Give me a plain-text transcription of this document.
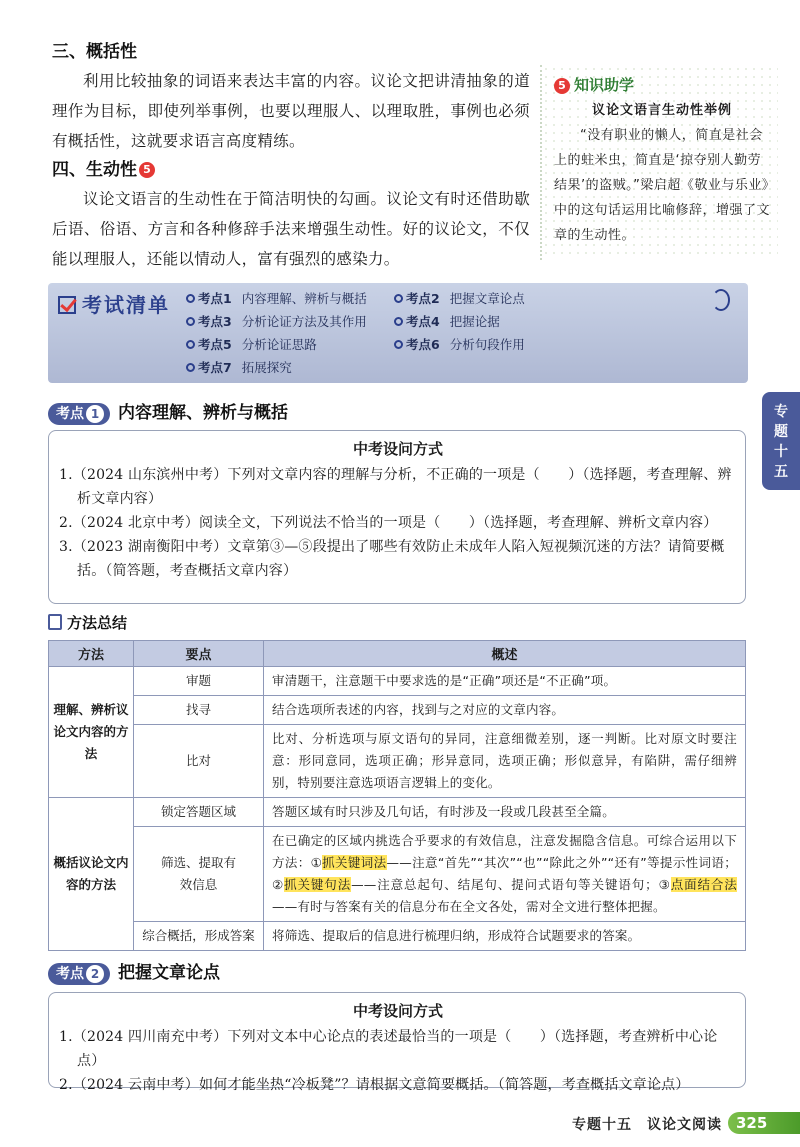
三、概括性

利用比较抽象的词语来表达丰富的内容。议论文把讲清抽象的道理作为目标，即使列举事例，也要以理服人、以理取胜，事例也必须有概括性，这就要求语言高度精练。

四、生动性 5

议论文语言的生动性在于简洁明快的勾画。议论文有时还借助歇后语、俗语、方言和各种修辞手法来增强生动性。好的议论文，不仅能以理服人，还能以情动人，富有强烈的感染力。

5 知识助学
议论文语言生动性举例

“没有职业的懒人，简直是社会上的蛀米虫，简直是‘掠夺别人勤劳结果’的盗贼。”梁启超《敬业与乐业》中的这句话运用比喻修辞，增强了文章的生动性。

考试清单	考点1 内容理解、辨析与概括	考点2 把握文章论点
考点3 分析论证方法及其作用	考点4 把握论据
考点5 分析论证思路	考点6 分析句段作用
考点7 拓展探究
专
题
十
五
考点 1 内容理解、辨析与概括
中考设问方式

1.（2024 山东滨州中考）下列对文章内容的理解与分析，不正确的一项是（　　）（选择题，考查理解、辨析文章内容）

2.（2024 北京中考）阅读全文，下列说法不恰当的一项是（　　）（选择题，考查理解、辨析文章内容）

3.（2023 湖南衡阳中考）文章第③—⑤段提出了哪些有效防止未成年人陷入短视频沉迷的方法？请简要概括。（简答题，考查概括文章内容）

方法总结
方法	要点	概述
理解、辨析议论文内容的方法	审题	审清题干，注意题干中要求选的是“正确”项还是“不正确”项。
	找寻	结合选项所表述的内容，找到与之对应的文章内容。
	比对	比对、分析选项与原文语句的异同，注意细微差别，逐一判断。比对原文时要注意：形同意同，选项正确；形异意同，选项正确；形似意异，有陷阱，需仔细辨别，特别要注意选项语言逻辑上的变化。
概括议论文内容的方法	锁定答题区域	答题区域有时只涉及几句话，有时涉及一段或几段甚至全篇。
	筛选、提取有效信息	在已确定的区域内挑选合乎要求的有效信息，注意发掘隐含信息。可综合运用以下方法：①抓关键词法——注意“首先”“其次”“也”“除此之外”“还有”等提示性词语；②抓关键句法——注意总起句、结尾句、提问式语句等关键语句；③点面结合法——有时与答案有关的信息分布在全文各处，需对全文进行整体把握。
	综合概括，形成答案	将筛选、提取后的信息进行梳理归纳，形成符合试题要求的答案。
考点 2 把握文章论点
中考设问方式

1.（2024 四川南充中考）下列对文本中心论点的表述最恰当的一项是（　　）（选择题，考查辨析中心论点）

2.（2024 云南中考）如何才能坐热“冷板凳”？请根据文意简要概括。（简答题，考查概括文章论点）

专题十五　议论文阅读 325
